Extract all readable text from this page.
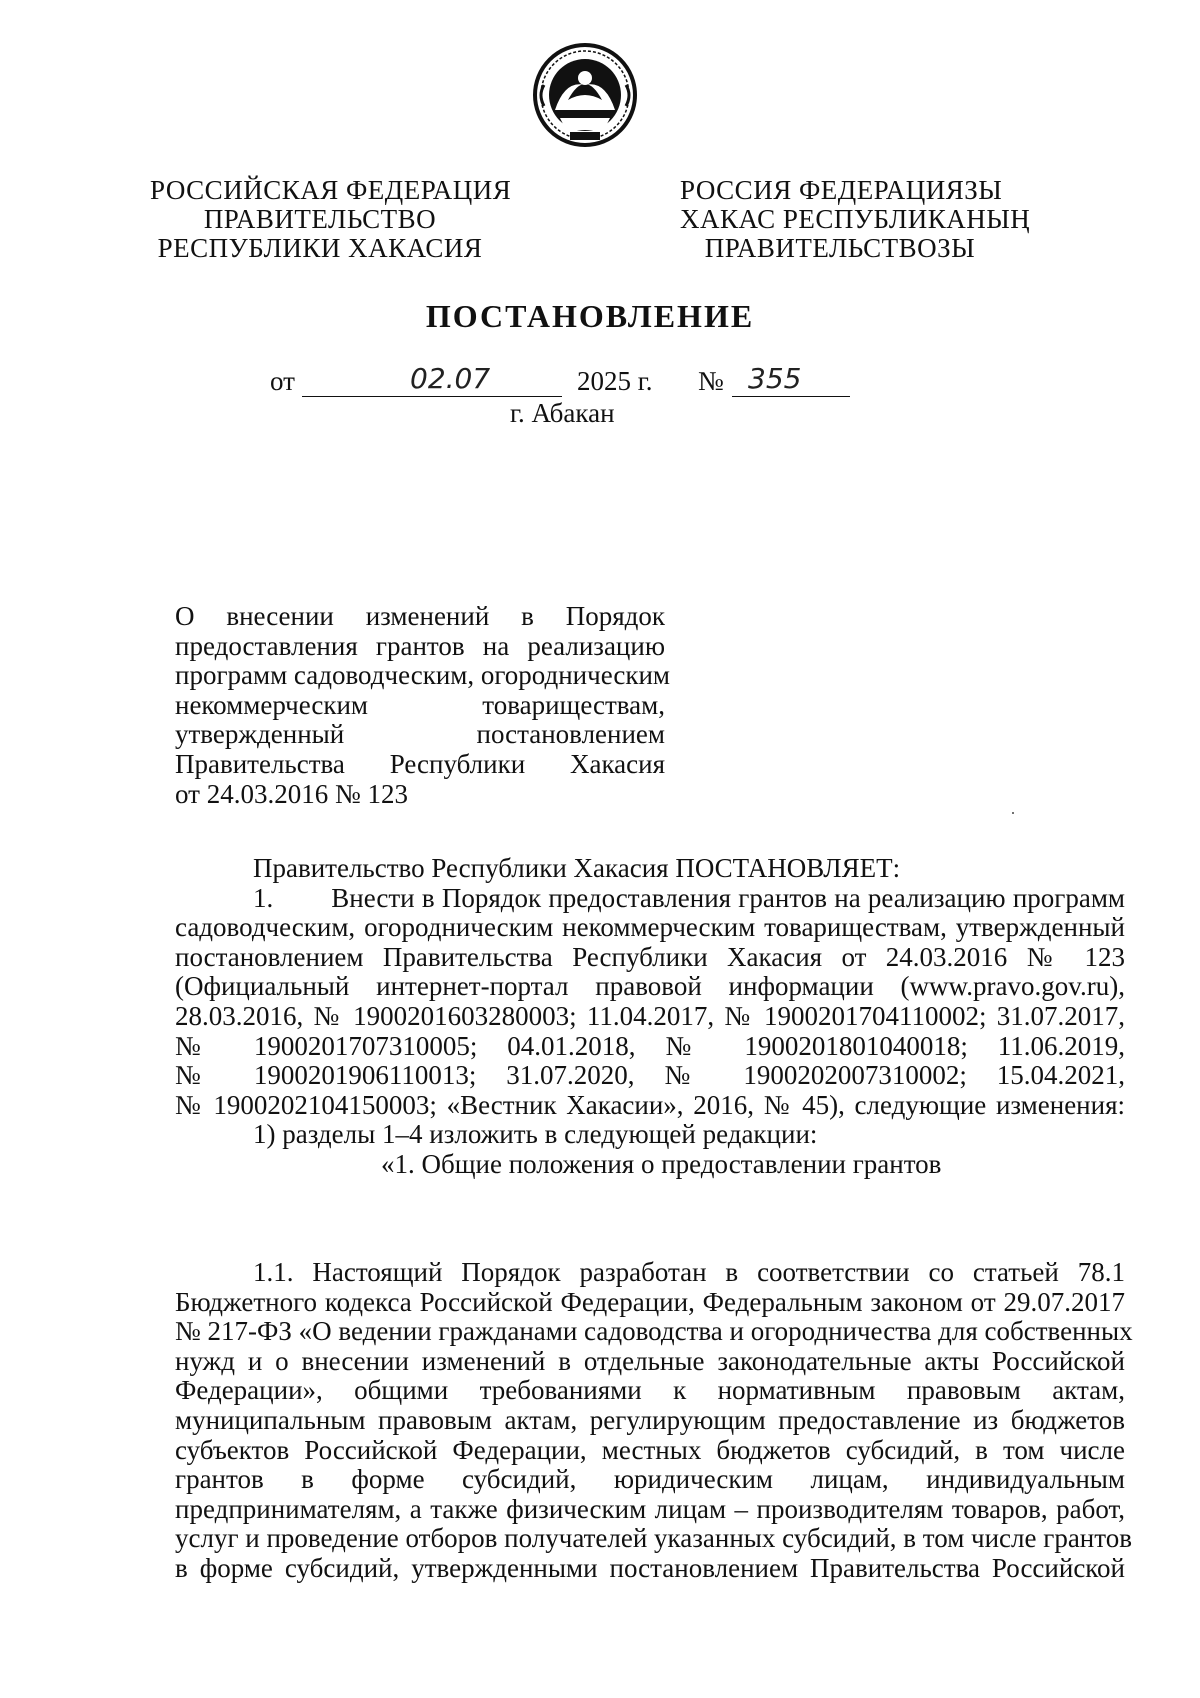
РОССИЙСКАЯ ФЕДЕРАЦИЯ
ПРАВИТЕЛЬСТВО
РЕСПУБЛИКИ ХАКАСИЯ
РОССИЯ ФЕДЕРАЦИЯЗЫ
ХАКАС РЕСПУБЛИКАНЫҢ
ПРАВИТЕЛЬСТВОЗЫ
ПОСТАНОВЛЕНИЕ
от	02.07	2025 г. № 355
г. Абакан
О внесении изменений в Порядок
предоставления грантов на реализацию
программ садоводческим, огородническим
некоммерческим товариществам,
утвержденный постановлением
Правительства Республики Хакасия
от 24.03.2016 № 123
Правительство Республики Хакасия ПОСТАНОВЛЯЕТ:
1. Внести в Порядок предоставления грантов на реализацию программ
садоводческим, огородническим некоммерческим товариществам, утвержденный
постановлением Правительства Республики Хакасия от 24.03.2016 № 123
(Официальный интернет-портал правовой информации (www.pravo.gov.ru),
28.03.2016, № 1900201603280003; 11.04.2017, № 1900201704110002; 31.07.2017,
№ 1900201707310005; 04.01.2018, № 1900201801040018; 11.06.2019,
№ 1900201906110013; 31.07.2020, № 1900202007310002; 15.04.2021,
№ 1900202104150003; «Вестник Хакасии», 2016, № 45), следующие изменения:
1) разделы 1–4 изложить в следующей редакции:
«1. Общие положения о предоставлении грантов
1.1. Настоящий Порядок разработан в соответствии со статьей 78.1
Бюджетного кодекса Российской Федерации, Федеральным законом от 29.07.2017
№ 217-ФЗ «О ведении гражданами садоводства и огородничества для собственных
нужд и о внесении изменений в отдельные законодательные акты Российской
Федерации», общими требованиями к нормативным правовым актам,
муниципальным правовым актам, регулирующим предоставление из бюджетов
субъектов Российской Федерации, местных бюджетов субсидий, в том числе
грантов в форме субсидий, юридическим лицам, индивидуальным
предпринимателям, а также физическим лицам – производителям товаров, работ,
услуг и проведение отборов получателей указанных субсидий, в том числе грантов
в форме субсидий, утвержденными постановлением Правительства Российской
